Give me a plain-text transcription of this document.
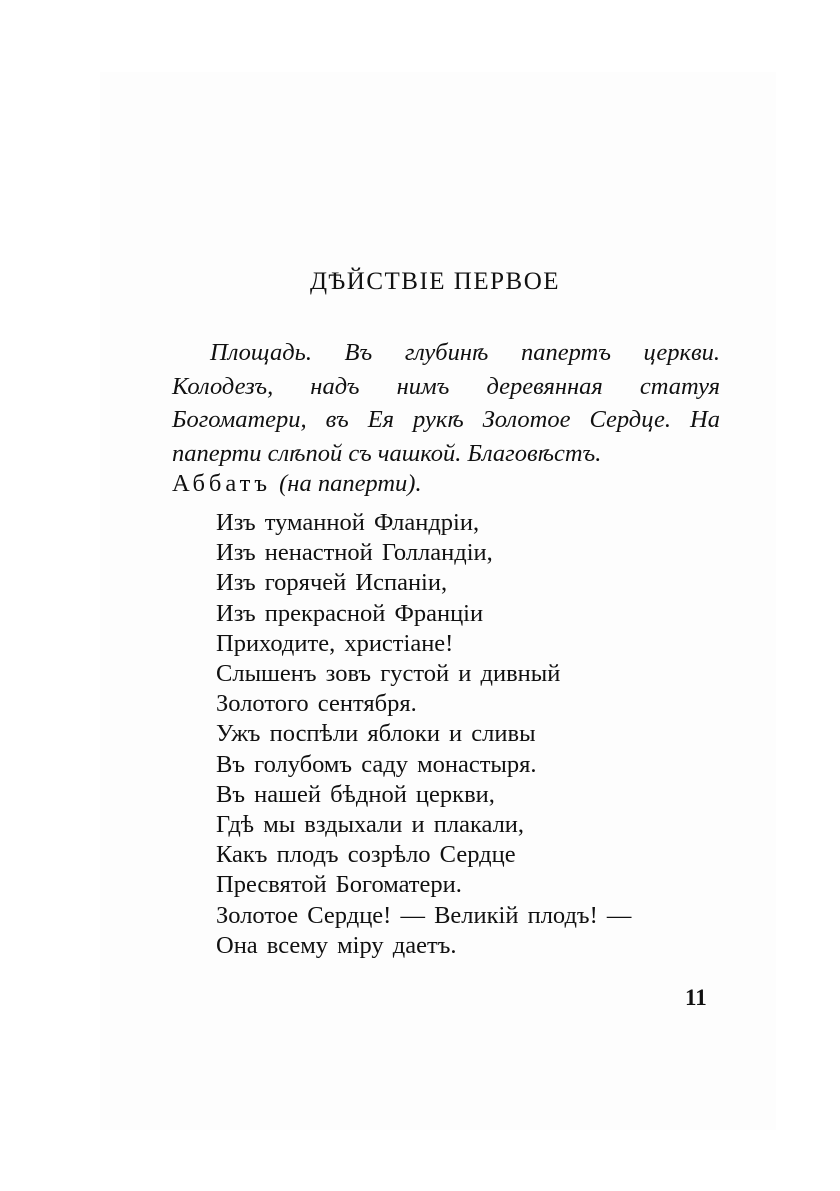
ДѢЙСТВІЕ ПЕРВОЕ

Площадь. Въ глубинѣ папертъ церкви. Колодезъ, надъ нимъ деревянная статуя Богоматери, въ Ея рукѣ Золотое Сердце. На паперти слѣпой съ чашкой. Благовѣстъ.

Аббатъ (на паперти).

Изъ туманной Фландріи,
Изъ ненастной Голландіи,
Изъ горячей Испаніи,
Изъ прекрасной Франціи
Приходите, христіане!
Слышенъ зовъ густой и дивный
Золотого сентября.
Ужъ поспѣли яблоки и сливы
Въ голубомъ саду монастыря.
Въ нашей бѣдной церкви,
Гдѣ мы вздыхали и плакали,
Какъ плодъ созрѣло Сердце
Пресвятой Богоматери.
Золотое Сердце! — Великій плодъ! —
Она всему міру даетъ.
11
